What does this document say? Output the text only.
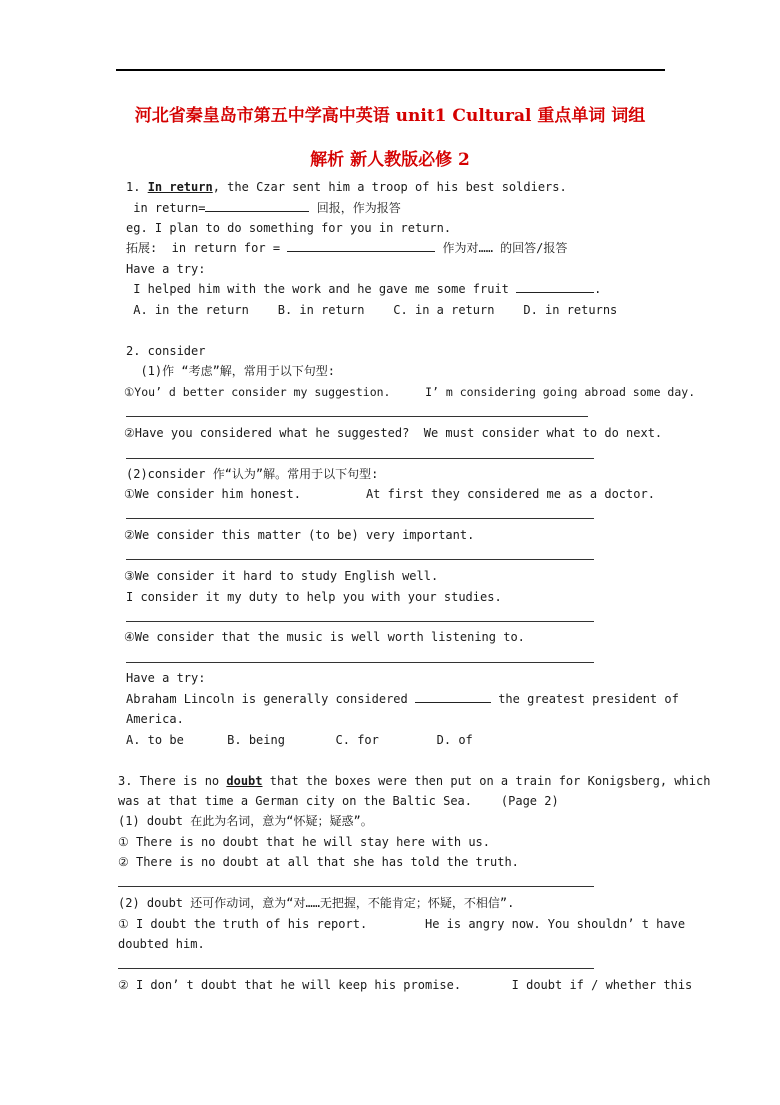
河北省秦皇岛市第五中学高中英语 unit1 Cultural 重点单词 词组
解析 新人教版必修 2
1. In return, the Czar sent him a troop of his best soldiers.
in return=	回报，作为报答
eg. I plan to do something for you in return.
拓展:  in return for =	作为对…… 的回答/报答
Have a try:
I helped him with the work and he gave me some fruit	.
A. in the return    B. in return    C. in a return    D. in returns
2. consider
(1)作 “考虑”解，常用于以下句型:
①You’ d better consider my suggestion.     I’ m considering going abroad some day.
②Have you considered what he suggested?  We must consider what to do next.
(2)consider 作“认为”解。常用于以下句型:
①We consider him honest.         At first they considered me as a doctor.
②We consider this matter (to be) very important.
③We consider it hard to study English well.
I consider it my duty to help you with your studies.
④We consider that the music is well worth listening to.
Have a try:
Abraham Lincoln is generally considered	the greatest president of
America.
A. to be      B. being       C. for        D. of
3. There is no doubt that the boxes were then put on a train for Konigsberg, which
was at that time a German city on the Baltic Sea.    (Page 2)
(1) doubt 在此为名词，意为“怀疑；疑惑”。
① There is no doubt that he will stay here with us.
② There is no doubt at all that she has told the truth.
(2) doubt 还可作动词，意为“对……无把握，不能肯定；怀疑，不相信”.
① I doubt the truth of his report.        He is angry now. You shouldn’ t have
doubted him.
② I don’ t doubt that he will keep his promise.       I doubt if / whether this
